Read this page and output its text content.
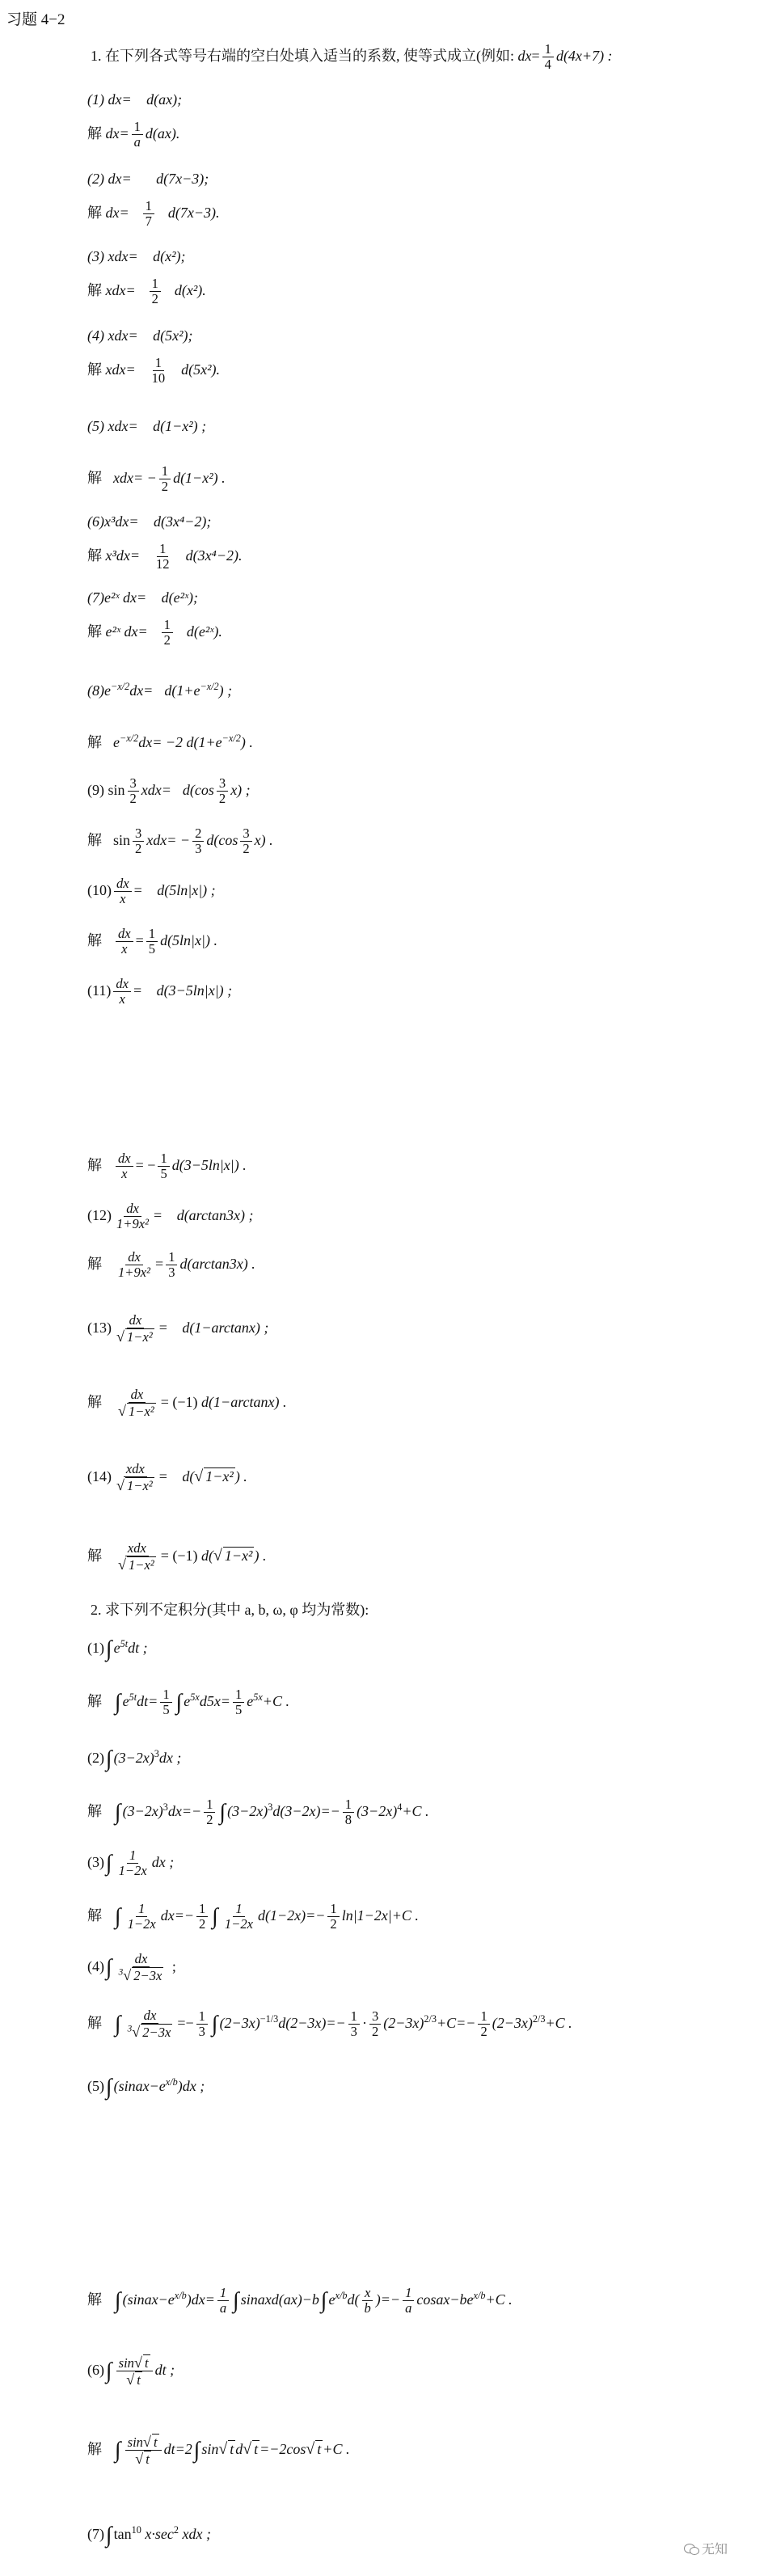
习题 4−2
1. 在下列各式等号右端的空白处填入适当的系数, 使等式成立(例如: $dx= \frac{1}{4} d(4x+7)$ :
(1) dx= d(ax);
解 $dx= \frac{1}{a} d(ax)$.
(2) dx= d(7x−3);
解 $dx= \frac{1}{7} d(7x-3)$.
(3) xdx= d(x²);
解 $xdx= \frac{1}{2} d(x^2)$.
(4) xdx= d(5x²);
解 $xdx= \frac{1}{10} d(5x^2)$.
(5) xdx= d(1−x²) ;
解 $xdx= - \frac{1}{2} d(1-x^2)$ .
(6)x³dx= d(3x⁴−2);
解 $x^3dx= \frac{1}{12} d(3x^4-2)$.
(7)e²ˣ dx= d(e²ˣ);
解 e²ˣ $dx= \frac{1}{2}$ d(e²ˣ).
$(8)e^{-x/2}dx= d(1+e^{-x/2})$ ;
解 $e^{-x/2}dx= -2$ $d(1+e^{-x/2})$ .
(9) $\sin \frac{3}{2} xdx= d(\cos \frac{3}{2} x)$ ;
解 $\sin \frac{3}{2} xdx= - \frac{2}{3} d(\cos \frac{3}{2} x)$ .
$(10) \frac{dx}{x} = d(5\ln|x|)$ ;
解 $\frac{dx}{x} = \frac{1}{5} d(5\ln|x|)$ .
$(11) \frac{dx}{x} = d(3-5\ln|x|)$ ;
解 $\frac{dx}{x}$ = − $\frac{1}{5} d(3-5\ln|x|)$ .
$(12) \frac{dx}{\text{1+9x²}} = d(\arctan 3x)$ ;
解 $\frac{dx}{\text{1+9x²}} = \frac{1}{3} d(\arctan 3x)$ .
$(13) \frac{dx}{\text{√ 1−x²}} = d(1-\arctan x)$ ;
解 $\frac{dx}{\text{√ 1−x²}} = (-1)$ d(1−arctanx) .
$(14) \frac{\text{xdx}}{\text{√ 1−x²}} = d(√$ 1−x² ) .
解 $\frac{\text{xdx}}{\text{√ 1−x²}} = (-1)$ d(√ 1−x² ) .
2. 求下列不定积分(其中 a, b, ω, φ 均为常数):
(1)∫ $e^{5t}dt$ ;
解 ∫ $e^{5t}dt= \frac{1}{5}$ ∫ $e^{5x}d5x= \frac{1}{5} e^{5x}+C$ .
(2)∫ $(3-2x)^3dx$ ;
解 ∫ $(3-2x)^3dx=- \frac{1}{2}$ ∫ $(3-2x)^3d(3-2x)=- \frac{1}{8} (3-2x)^4+C$ .
$(3)\int \frac{1}{1-2x}$ dx ;
解 ∫ $\frac{1}{1-2x} dx=- \frac{1}{2}$ ∫ $\frac{1}{1-2x} d(1-2x)=- \frac{1}{2} \ln|1-2x|+C$ .
$(4)\int \frac{dx}{^3√ 2-3x}$ ;
解 ∫ $\frac{dx}{^3√ 2-3x} =- \frac{1}{3}$ ∫ $(2-3x)^{-1/3}d(2-3x)=- \frac{1}{3} \cdot \frac{3}{2} (2-3x)^{2/3}+C=- \frac{1}{2} (2-3x)^{2/3}+C$ .
(5)∫ $(sinax-e^{x/b})dx$ ;
解 ∫ $(sinax-e^{x/b})dx= \frac{1}{a}$ ∫ sinaxd(ax)−b∫ $e^{x/b}d( \frac{x}{b}$ )=− $\frac{1}{a}$ $cosax-be^{x/b}+C$ .
$(6)\int \frac{\sin√ t}{√ t}$ dt ;
解 ∫ $\frac{\sin√ t}{√ t} dt=2\int$ sin√ t d√ t =−2cos√ t +C .
(7)∫ $\tan^{10} x\cdot\sec^2$ xdx ;
无知
